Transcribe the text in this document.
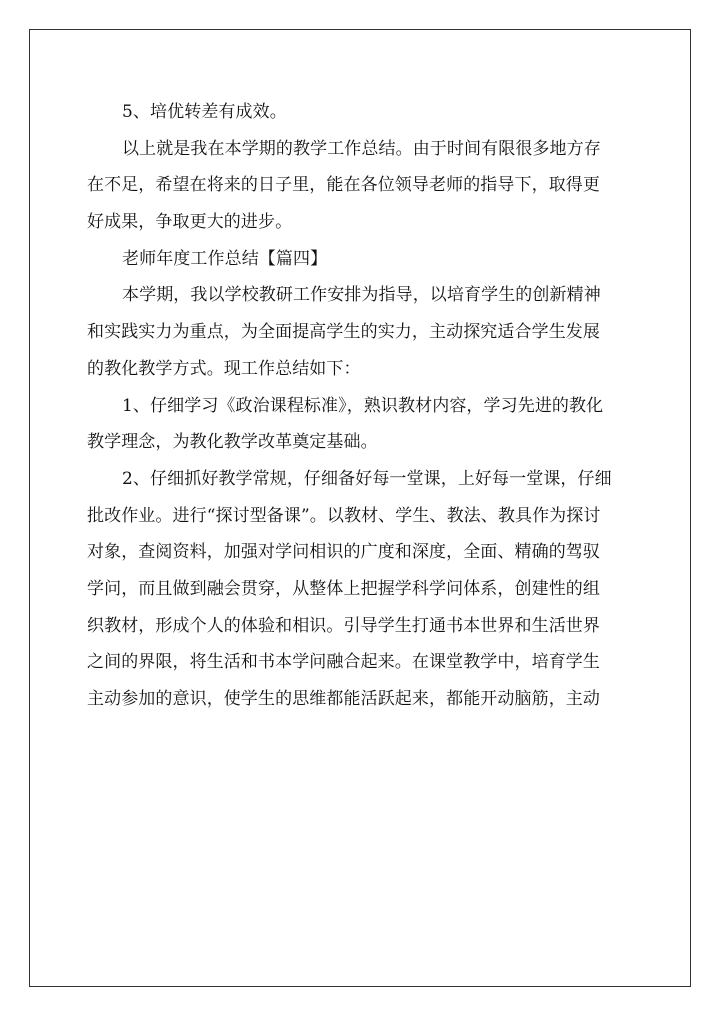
5、培优转差有成效。

以上就是我在本学期的教学工作总结。由于时间有限很多地方存
在不足，希望在将来的日子里，能在各位领导老师的指导下，取得更
好成果，争取更大的进步。

老师年度工作总结【篇四】

本学期，我以学校教研工作安排为指导，以培育学生的创新精神
和实践实力为重点，为全面提高学生的实力，主动探究适合学生发展
的教化教学方式。现工作总结如下：

1、仔细学习《政治课程标准》，熟识教材内容，学习先进的教化
教学理念，为教化教学改革奠定基础。

2、仔细抓好教学常规，仔细备好每一堂课，上好每一堂课，仔细
批改作业。进行“探讨型备课”。以教材、学生、教法、教具作为探讨
对象，查阅资料，加强对学问相识的广度和深度，全面、精确的驾驭
学问，而且做到融会贯穿，从整体上把握学科学问体系，创建性的组
织教材，形成个人的体验和相识。引导学生打通书本世界和生活世界
之间的界限，将生活和书本学问融合起来。在课堂教学中，培育学生
主动参加的意识，使学生的思维都能活跃起来，都能开动脑筋，主动
